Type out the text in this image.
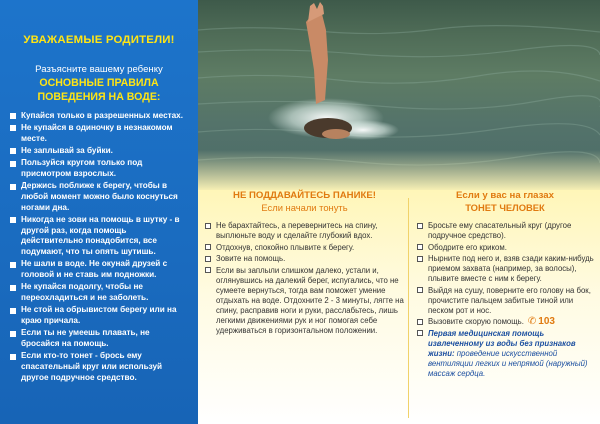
УВАЖАЕМЫЕ РОДИТЕЛИ!
Разъясните вашему ребенку
ОСНОВНЫЕ ПРАВИЛА
ПОВЕДЕНИЯ НА ВОДЕ:
Купайся только в разрешенных местах.
Не купайся в одиночку в незнакомом месте.
Не заплывай за буйки.
Пользуйся кругом только под присмотром взрослых.
Держись поближе к берегу, чтобы в любой момент можно было коснуться ногами дна.
Никогда не зови на помощь в шутку - в другой раз, когда помощь действительно понадобится, все подумают, что ты опять шутишь.
Не шали в воде. Не окунай друзей с головой и не ставь им подножки.
Не купайся подолгу, чтобы не переохладиться и не заболеть.
Не стой на обрывистом берегу или на краю причала.
Если ты не умеешь плавать, не бросайся на помощь.
Если кто-то тонет - брось ему спасательный круг или используй другое подручное средство.
НЕ ПОДДАВАЙТЕСЬ ПАНИКЕ!
Если начали тонуть
Не барахтайтесь, а перевернитесь на спину, выплюньте воду и сделайте глубокий вдох.
Отдохнув, спокойно плывите к берегу.
Зовите на помощь.
Если вы заплыли слишком далеко, устали и, оглянувшись на далекий берег, испугались, что не сумеете вернуться, тогда вам поможет умение отдыхать на воде. Отдохните 2 - 3 минуты, лягте на спину, расправив ноги и руки, расслабьтесь, лишь легкими движениями рук и ног помогая себе удерживаться в горизонтальном положении.
Если у вас на глазах
ТОНЕТ ЧЕЛОВЕК
Бросьте ему спасательный круг (другое подручное средство).
Ободрите его криком.
Нырните под него и, взяв сзади каким-нибудь приемом захвата (например, за волосы), плывите вместе с ним к берегу.
Выйдя на сушу, поверните его голову на бок, прочистите пальцем забитые тиной или песком рот и нос.
Вызовите скорую помощь. ✆ 103
Первая медицинская помощь извлеченному из воды без признаков жизни: проведение искусственной вентиляции легких и непрямой (наружный) массаж сердца.
